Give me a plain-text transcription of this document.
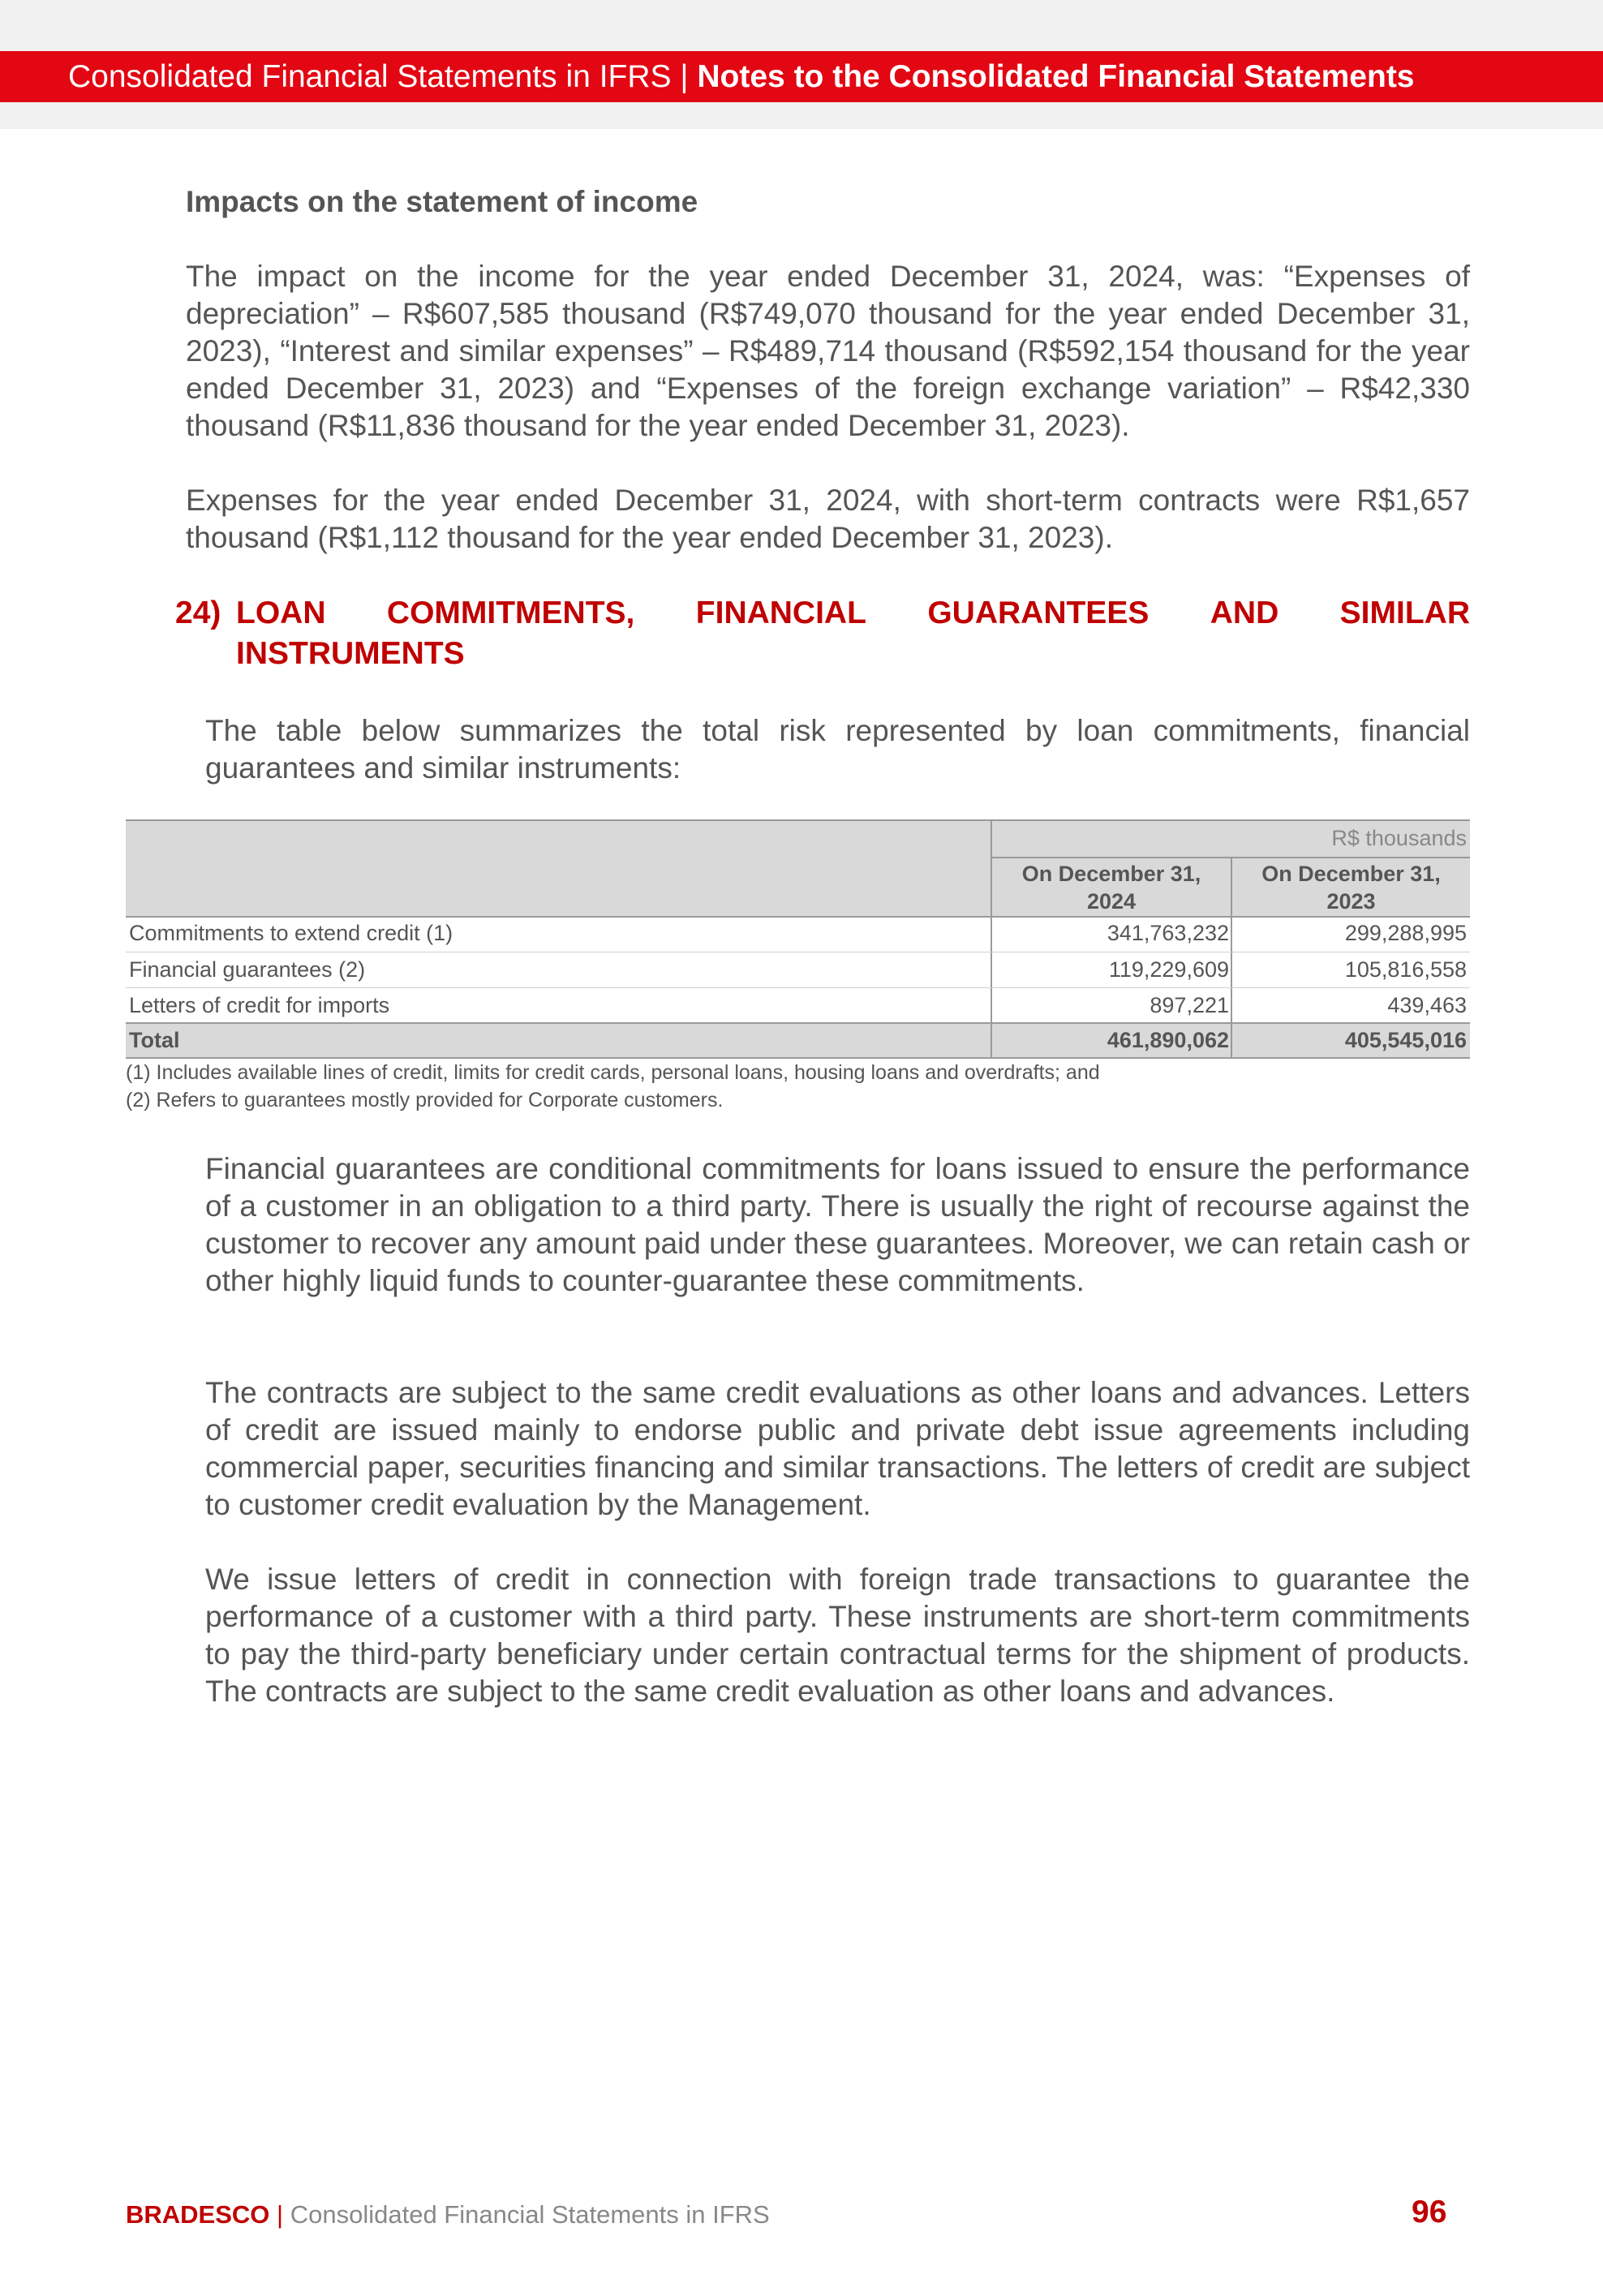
Consolidated Financial Statements in IFRS | Notes to the Consolidated Financial Statements
Impacts on the statement of income

The impact on the income for the year ended December 31, 2024, was: “Expenses of depreciation” – R$607,585 thousand (R$749,070 thousand for the year ended December 31, 2023), “Interest and similar expenses” – R$489,714 thousand (R$592,154 thousand for the year ended December 31, 2023) and “Expenses of the foreign exchange variation” – R$42,330 thousand (R$11,836 thousand for the year ended December 31, 2023).

Expenses for the year ended December 31, 2024, with short-term contracts were R$1,657 thousand (R$1,112 thousand for the year ended December 31, 2023).

24) LOAN COMMITMENTS, FINANCIAL GUARANTEES AND SIMILAR
INSTRUMENTS

The table below summarizes the total risk represented by loan commitments, financial guarantees and similar instruments:

R$ thousands
On December 31,
2024
On December 31,
2023
Commitments to extend credit (1)	341,763,232	299,288,995
Financial guarantees (2)	119,229,609	105,816,558
Letters of credit for imports	897,221	439,463
Total	461,890,062	405,545,016
(1) Includes available lines of credit, limits for credit cards, personal loans, housing loans and overdrafts; and
(2) Refers to guarantees mostly provided for Corporate customers.

Financial guarantees are conditional commitments for loans issued to ensure the performance of a customer in an obligation to a third party. There is usually the right of recourse against the customer to recover any amount paid under these guarantees. Moreover, we can retain cash or other highly liquid funds to counter-guarantee these commitments.

The contracts are subject to the same credit evaluations as other loans and advances. Letters of credit are issued mainly to endorse public and private debt issue agreements including commercial paper, securities financing and similar transactions. The letters of credit are subject to customer credit evaluation by the Management.

We issue letters of credit in connection with foreign trade transactions to guarantee the performance of a customer with a third party. These instruments are short-term commitments to pay the third-party beneficiary under certain contractual terms for the shipment of products. The contracts are subject to the same credit evaluation as other loans and advances.

BRADESCO | Consolidated Financial Statements in IFRS	96
